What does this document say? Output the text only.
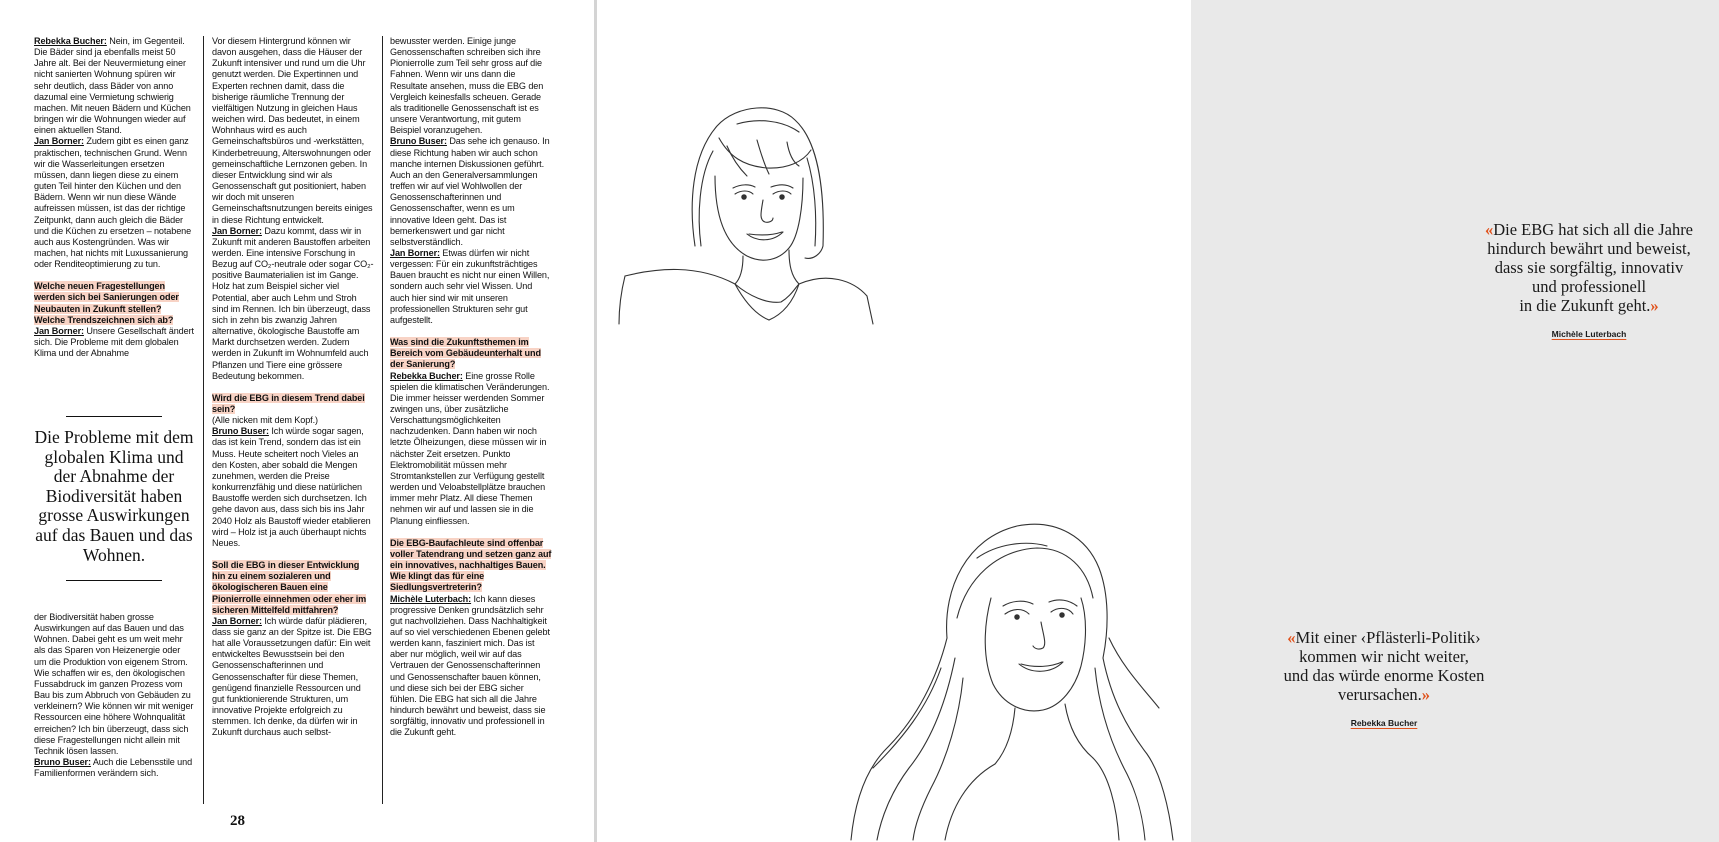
Rebekka Bucher: Nein, im Gegenteil. Die Bäder sind ja ebenfalls meist 50 Jahre alt. Bei der Neuvermietung einer nicht sanierten Wohnung spüren wir sehr deutlich, dass Bäder von anno dazumal eine Vermietung schwierig machen. Mit neuen Bädern und Küchen bringen wir die Wohnungen wieder auf einen aktuellen Stand.

Jan Borner: Zudem gibt es einen ganz praktischen, technischen Grund. Wenn wir die Wasserleitungen ersetzen müssen, dann liegen diese zu einem guten Teil hinter den Küchen und den Bädern. Wenn wir nun diese Wände aufreissen müssen, ist das der richtige Zeitpunkt, dann auch gleich die Bäder und die Küchen zu ersetzen – notabene auch aus Kostengründen. Was wir machen, hat nichts mit Luxussanierung oder Renditeoptimierung zu tun.

Welche neuen Fragestellungen werden sich bei Sanierungen oder Neubauten in Zukunft stellen? Welche Trendszeichnen sich ab?

Jan Borner: Unsere Gesellschaft ändert sich. Die Probleme mit dem globalen Klima und der Abnahme

Die Probleme mit dem globalen Klima und der Abnahme der Biodiversität haben grosse Auswirkungen auf das Bauen und das Wohnen.

der Biodiversität haben grosse Auswirkungen auf das Bauen und das Wohnen. Dabei geht es um weit mehr als das Sparen von Heizenergie oder um die Produktion von eigenem Strom. Wie schaffen wir es, den ökologischen Fussabdruck im ganzen Prozess vom Bau bis zum Abbruch von Gebäuden zu verkleinern? Wie können wir mit weniger Ressourcen eine höhere Wohnqualität erreichen? Ich bin überzeugt, dass sich diese Fragestellungen nicht allein mit Technik lösen lassen.

Bruno Buser: Auch die Lebensstile und Familienformen verändern sich.

Vor diesem Hintergrund können wir davon ausgehen, dass die Häuser der Zukunft intensiver und rund um die Uhr genutzt werden. Die Expertinnen und Experten rechnen damit, dass die bisherige räumliche Trennung der vielfältigen Nutzung in gleichen Haus weichen wird. Das bedeutet, in einem Wohnhaus wird es auch Gemeinschaftsbüros und -werkstätten, Kinderbetreuung, Alterswohnungen oder gemeinschaftliche Lernzonen geben. In dieser Entwicklung sind wir als Genossenschaft gut positioniert, haben wir doch mit unseren Gemeinschaftsnutzungen bereits einiges in diese Richtung entwickelt.

Jan Borner: Dazu kommt, dass wir in Zukunft mit anderen Baustoffen arbeiten werden. Eine intensive Forschung in Bezug auf CO₂-neutrale oder sogar CO₂-positive Baumaterialien ist im Gange. Holz hat zum Beispiel sicher viel Potential, aber auch Lehm und Stroh sind im Rennen. Ich bin überzeugt, dass sich in zehn bis zwanzig Jahren alternative, ökologische Baustoffe am Markt durchsetzen werden. Zudem werden in Zukunft im Wohnumfeld auch Pflanzen und Tiere eine grössere Bedeutung bekommen.

Wird die EBG in diesem Trend dabei sein?

(Alle nicken mit dem Kopf.)

Bruno Buser: Ich würde sogar sagen, das ist kein Trend, sondern das ist ein Muss. Heute scheitert noch Vieles an den Kosten, aber sobald die Mengen zunehmen, werden die Preise konkurrenzfähig und diese natürlichen Baustoffe werden sich durchsetzen. Ich gehe davon aus, dass sich bis ins Jahr 2040 Holz als Baustoff wieder etablieren wird – Holz ist ja auch überhaupt nichts Neues.

Soll die EBG in dieser Entwicklung hin zu einem sozialeren und ökologischeren Bauen eine Pionierrolle einnehmen oder eher im sicheren Mittelfeld mitfahren?

Jan Borner: Ich würde dafür plädieren, dass sie ganz an der Spitze ist. Die EBG hat alle Voraussetzungen dafür: Ein weit entwickeltes Bewusstsein bei den Genossenschafterinnen und Genossenschafter für diese Themen, genügend finanzielle Ressourcen und gut funktionierende Strukturen, um innovative Projekte erfolgreich zu stemmen. Ich denke, da dürfen wir in Zukunft durchaus auch selbst-

bewusster werden. Einige junge Genossenschaften schreiben sich ihre Pionierrolle zum Teil sehr gross auf die Fahnen. Wenn wir uns dann die Resultate ansehen, muss die EBG den Vergleich keinesfalls scheuen. Gerade als traditionelle Genossenschaft ist es unsere Verantwortung, mit gutem Beispiel voranzugehen.

Bruno Buser: Das sehe ich genauso. In diese Richtung haben wir auch schon manche internen Diskussionen geführt. Auch an den Generalversammlungen treffen wir auf viel Wohlwollen der Genossenschafterinnen und Genossenschafter, wenn es um innovative Ideen geht. Das ist bemerkenswert und gar nicht selbstverständlich.

Jan Borner: Etwas dürfen wir nicht vergessen: Für ein zukunftsträchtiges Bauen braucht es nicht nur einen Willen, sondern auch sehr viel Wissen. Und auch hier sind wir mit unseren professionellen Strukturen sehr gut aufgestellt.

Was sind die Zukunftsthemen im Bereich vom Gebäudeunterhalt und der Sanierung?

Rebekka Bucher: Eine grosse Rolle spielen die klimatischen Veränderungen. Die immer heisser werdenden Sommer zwingen uns, über zusätzliche Verschattungsmöglichkeiten nachzudenken. Dann haben wir noch letzte Ölheizungen, diese müssen wir in nächster Zeit ersetzen. Punkto Elektromobilität müssen mehr Stromtankstellen zur Verfügung gestellt werden und Veloabstellplätze brauchen immer mehr Platz. All diese Themen nehmen wir auf und lassen sie in die Planung einfliessen.

Die EBG-Baufachleute sind offenbar voller Tatendrang und setzen ganz auf ein innovatives, nachhaltiges Bauen. Wie klingt das für eine Siedlungsvertreterin?

Michèle Luterbach: Ich kann dieses progressive Denken grundsätzlich sehr gut nachvollziehen. Dass Nachhaltigkeit auf so viel verschiedenen Ebenen gelebt werden kann, fasziniert mich. Das ist aber nur möglich, weil wir auf das Vertrauen der Genossenschafterinnen und Genossenschafter bauen können, und diese sich bei der EBG sicher fühlen. Die EBG hat sich all die Jahre hindurch bewährt und beweist, dass sie sorgfältig, innovativ und professionell in die Zukunft geht.

28
«Die EBG hat sich all die Jahre
hindurch bewährt und beweist,
dass sie sorgfältig, innovativ
und professionell
in die Zukunft geht.»
Michèle Luterbach
«Mit einer ‹Pflästerli-Politik›
kommen wir nicht weiter,
und das würde enorme Kosten
verursachen.»
Rebekka Bucher
